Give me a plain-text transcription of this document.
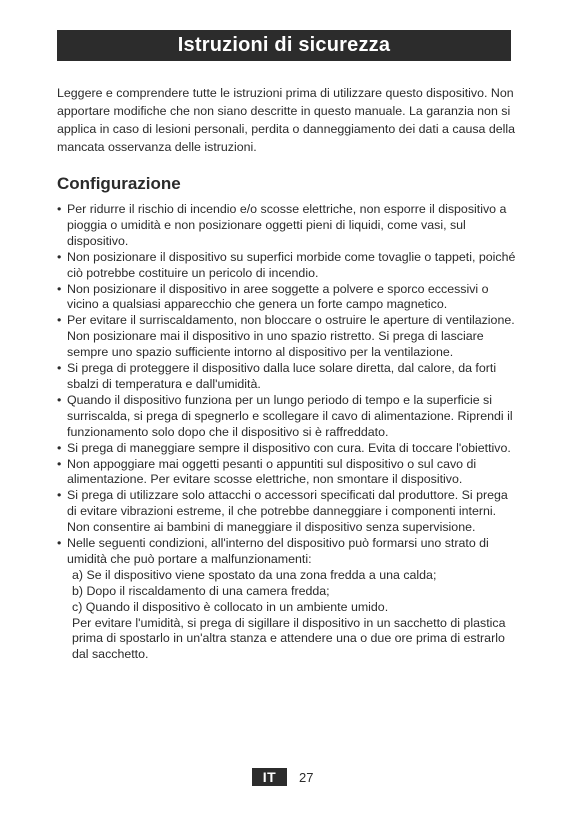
Istruzioni di sicurezza

Leggere e comprendere tutte le istruzioni prima di utilizzare questo dispositivo. Non apportare modifiche che non siano descritte in questo manuale. La garanzia non si applica in caso di lesioni personali, perdita o danneggiamento dei dati a causa della mancata osservanza delle istruzioni.

Configurazione
• Per ridurre il rischio di incendio e/o scosse elettriche, non esporre il dispositivo a pioggia o umidità e non posizionare oggetti pieni di liquidi, come vasi, sul dispositivo.
• Non posizionare il dispositivo su superfici morbide come tovaglie o tappeti, poiché ciò potrebbe costituire un pericolo di incendio.
• Non posizionare il dispositivo in aree soggette a polvere e sporco eccessivi o vicino a qualsiasi apparecchio che genera un forte campo magnetico.
• Per evitare il surriscaldamento, non bloccare o ostruire le aperture di ventilazione. Non posizionare mai il dispositivo in uno spazio ristretto. Si prega di lasciare sempre uno spazio sufficiente intorno al dispositivo per la ventilazione.
• Si prega di proteggere il dispositivo dalla luce solare diretta, dal calore, da forti sbalzi di temperatura e dall'umidità.
• Quando il dispositivo funziona per un lungo periodo di tempo e la superficie si surriscalda, si prega di spegnerlo e scollegare il cavo di alimentazione. Riprendi il funzionamento solo dopo che il dispositivo si è raffreddato.
• Si prega di maneggiare sempre il dispositivo con cura. Evita di toccare l'obiettivo.
• Non appoggiare mai oggetti pesanti o appuntiti sul dispositivo o sul cavo di alimentazione. Per evitare scosse elettriche, non smontare il dispositivo.
• Si prega di utilizzare solo attacchi o accessori specificati dal produttore. Si prega di evitare vibrazioni estreme, il che potrebbe danneggiare i componenti interni. Non consentire ai bambini di maneggiare il dispositivo senza supervisione.
• Nelle seguenti condizioni, all'interno del dispositivo può formarsi uno strato di umidità che può portare a malfunzionamenti:
a) Se il dispositivo viene spostato da una zona fredda a una calda;
b) Dopo il riscaldamento di una camera fredda;
c) Quando il dispositivo è collocato in un ambiente umido.
Per evitare l'umidità, si prega di sigillare il dispositivo in un sacchetto di plastica prima di spostarlo in un'altra stanza e attendere una o due ore prima di estrarlo dal sacchetto.
IT	27
